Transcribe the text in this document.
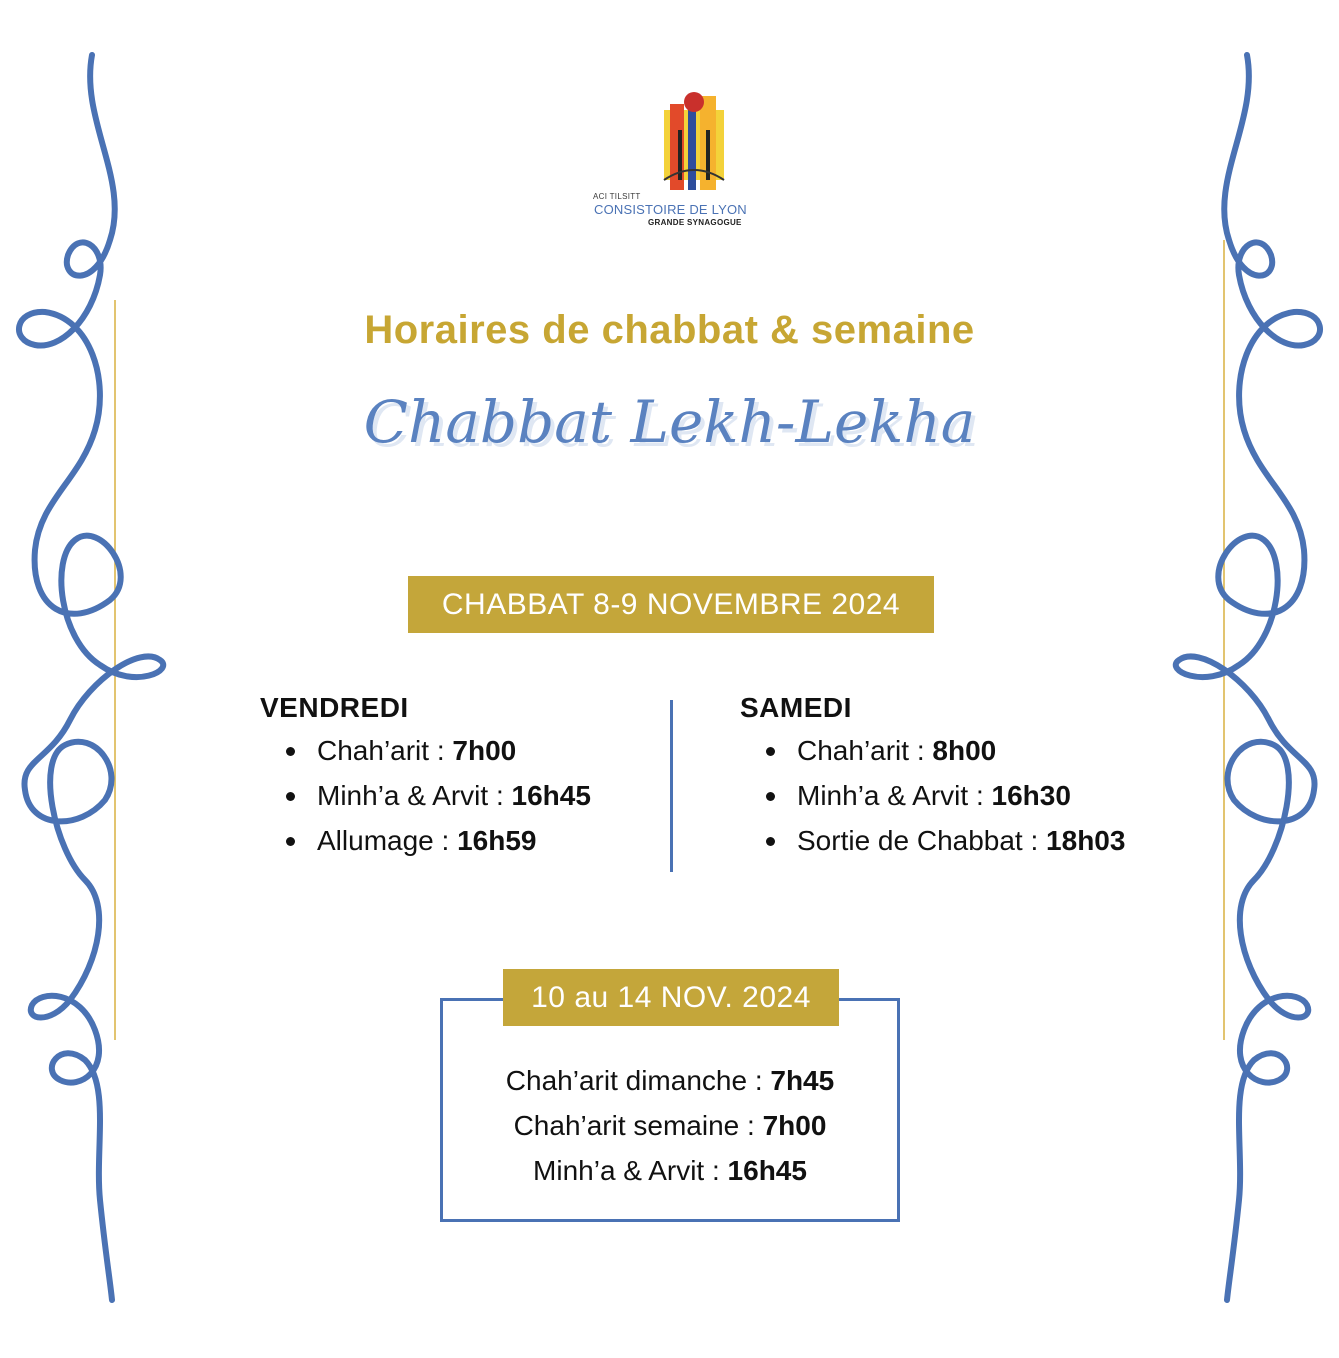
ACI TILSITT
CONSISTOIRE DE LYON
GRANDE SYNAGOGUE
Horaires de chabbat & semaine
Chabbat Lekh-Lekha
CHABBAT 8-9 NOVEMBRE 2024
VENDREDI
Chah’arit : 7h00
Minh’a & Arvit : 16h45
Allumage : 16h59
SAMEDI
Chah’arit : 8h00
Minh’a & Arvit : 16h30
Sortie de Chabbat : 18h03
10 au 14 NOV. 2024
Chah’arit dimanche : 7h45
Chah’arit semaine : 7h00
Minh’a & Arvit : 16h45
